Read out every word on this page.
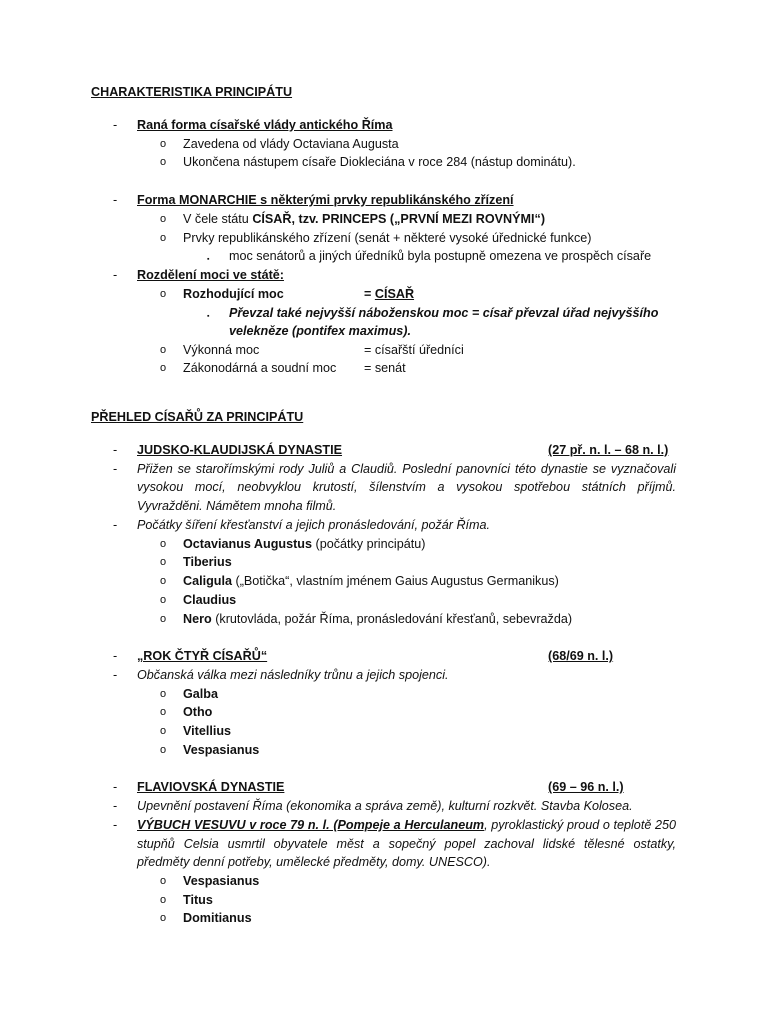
CHARAKTERISTIKA PRINCIPÁTU
- Raná forma císařské vlády antického Říma
o Zavedena od vlády Octaviana Augusta
o Ukončena nástupem císaře Diokleciána v roce 284 (nástup dominátu).
- Forma MONARCHIE s některými prvky republikánského zřízení
o V čele státu CÍSAŘ, tzv. PRINCEPS („PRVNÍ MEZI ROVNÝMI“)
o Prvky republikánského zřízení (senát + některé vysoké úřednické funkce)
▪ moc senátorů a jiných úředníků byla postupně omezena ve prospěch císaře
- Rozdělení moci ve státě:
o Rozhodující moc	= CÍSAŘ
▪ Převzal také nejvyšší náboženskou moc = císař převzal úřad nejvyššího
velekněze (pontifex maximus).
o Výkonná moc	= císařští úředníci
o Zákonodárná a soudní moc = senát
PŘEHLED CÍSAŘŮ ZA PRINCIPÁTU
- JUDSKO-KLAUDIJSKÁ DYNASTIE	(27 př. n. l. – 68 n. l.)
- Přižen se starořímskými rody Juliů a Claudiů. Poslední panovníci této dynastie se vyznačovali
vysokou mocí, neobvyklou krutostí, šílenstvím a vysokou spotřebou státních příjmů.
Vyvražděni. Námětem mnoha filmů.
- Počátky šíření křesťanství a jejich pronásledování, požár Říma.
o Octavianus Augustus (počátky principátu)
o Tiberius
o Caligula („Botička“, vlastním jménem Gaius Augustus Germanikus)
o Claudius
o Nero (krutovláda, požár Říma, pronásledování křesťanů, sebevražda)
- „ROK ČTYŘ CÍSAŘŮ“	(68/69 n. l.)
- Občanská válka mezi následníky trůnu a jejich spojenci.
o Galba
o Otho
o Vitellius
o Vespasianus
- FLAVIOVSKÁ DYNASTIE	(69 – 96 n. l.)
- Upevnění postavení Říma (ekonomika a správa země), kulturní rozkvět. Stavba Kolosea.
- VÝBUCH VESUVU v roce 79 n. l. (Pompeje a Herculaneum, pyroklastický proud o teplotě 250
stupňů Celsia usmrtil obyvatele měst a sopečný popel zachoval lidské tělesné ostatky,
předměty denní potřeby, umělecké předměty, domy. UNESCO).
o Vespasianus
o Titus
o Domitianus
